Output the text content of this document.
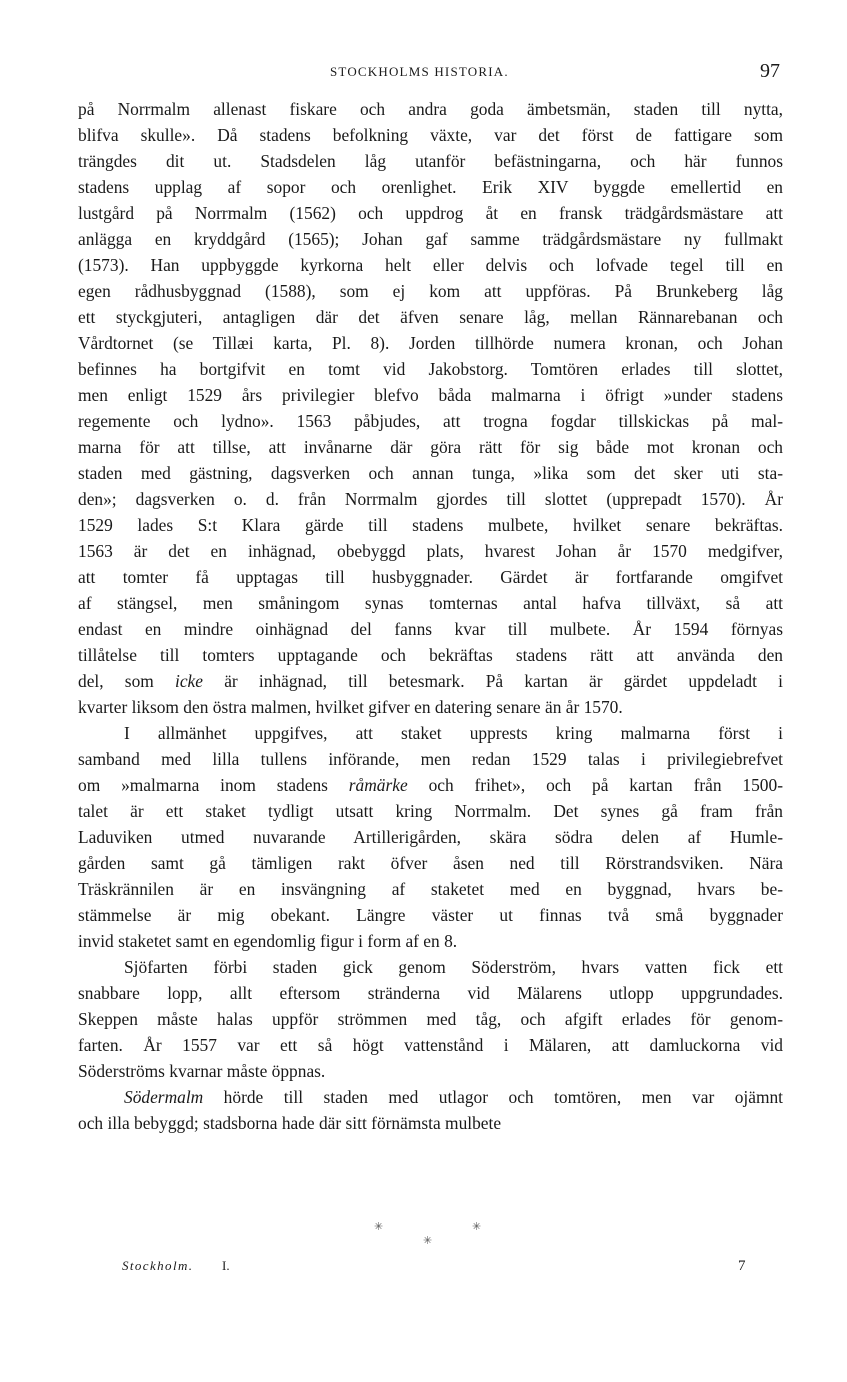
STOCKHOLMS HISTORIA.	97
på Norrmalm allenast fiskare och andra goda ämbetsmän, staden till nytta,
blifva skulle». Då stadens befolkning växte, var det först de fattigare som
trängdes dit ut. Stadsdelen låg utanför befästningarna, och här funnos
stadens upplag af sopor och orenlighet. Erik XIV byggde emellertid en
lustgård på Norrmalm (1562) och uppdrog åt en fransk trädgårdsmästare att
anlägga en kryddgård (1565); Johan gaf samme trädgårdsmästare ny fullmakt
(1573). Han uppbyggde kyrkorna helt eller delvis och lofvade tegel till en
egen rådhusbyggnad (1588), som ej kom att uppföras. På Brunkeberg låg
ett styckgjuteri, antagligen där det äfven senare låg, mellan Rännarebanan och
Vårdtornet (se Tillæi karta, Pl. 8). Jorden tillhörde numera kronan, och Johan
befinnes ha bortgifvit en tomt vid Jakobstorg. Tomtören erlades till slottet,
men enligt 1529 års privilegier blefvo båda malmarna i öfrigt »under stadens
regemente och lydno». 1563 påbjudes, att trogna fogdar tillskickas på mal-
marna för att tillse, att invånarne där göra rätt för sig både mot kronan och
staden med gästning, dagsverken och annan tunga, »lika som det sker uti sta-
den»; dagsverken o. d. från Norrmalm gjordes till slottet (upprepadt 1570). År
1529 lades S:t Klara gärde till stadens mulbete, hvilket senare bekräftas.
1563 är det en inhägnad, obebyggd plats, hvarest Johan år 1570 medgifver,
att tomter få upptagas till husbyggnader. Gärdet är fortfarande omgifvet
af stängsel, men småningom synas tomternas antal hafva tillväxt, så att
endast en mindre oinhägnad del fanns kvar till mulbete. År 1594 förnyas
tillåtelse till tomters upptagande och bekräftas stadens rätt att använda den
del, som icke är inhägnad, till betesmark. På kartan är gärdet uppdeladt i
kvarter liksom den östra malmen, hvilket gifver en datering senare än år 1570.
I allmänhet uppgifves, att staket upprests kring malmarna först i
samband med lilla tullens införande, men redan 1529 talas i privilegiebrefvet
om »malmarna inom stadens råmärke och frihet», och på kartan från 1500-
talet är ett staket tydligt utsatt kring Norrmalm. Det synes gå fram från
Laduviken utmed nuvarande Artillerigården, skära södra delen af Humle-
gården samt gå tämligen rakt öfver åsen ned till Rörstrandsviken. Nära
Träskrännilen är en insvängning af staketet med en byggnad, hvars be-
stämmelse är mig obekant. Längre väster ut finnas två små byggnader
invid staketet samt en egendomlig figur i form af en 8.
Sjöfarten förbi staden gick genom Söderström, hvars vatten fick ett
snabbare lopp, allt eftersom stränderna vid Mälarens utlopp uppgrundades.
Skeppen måste halas uppför strömmen med tåg, och afgift erlades för genom-
farten. År 1557 var ett så högt vattenstånd i Mälaren, att damluckorna vid
Söderströms kvarnar måste öppnas.
Södermalm hörde till staden med utlagor och tomtören, men var ojämnt
och illa bebyggd; stadsborna hade där sitt förnämsta mulbete
✳	✳
✳
Stockholm. I.	7
